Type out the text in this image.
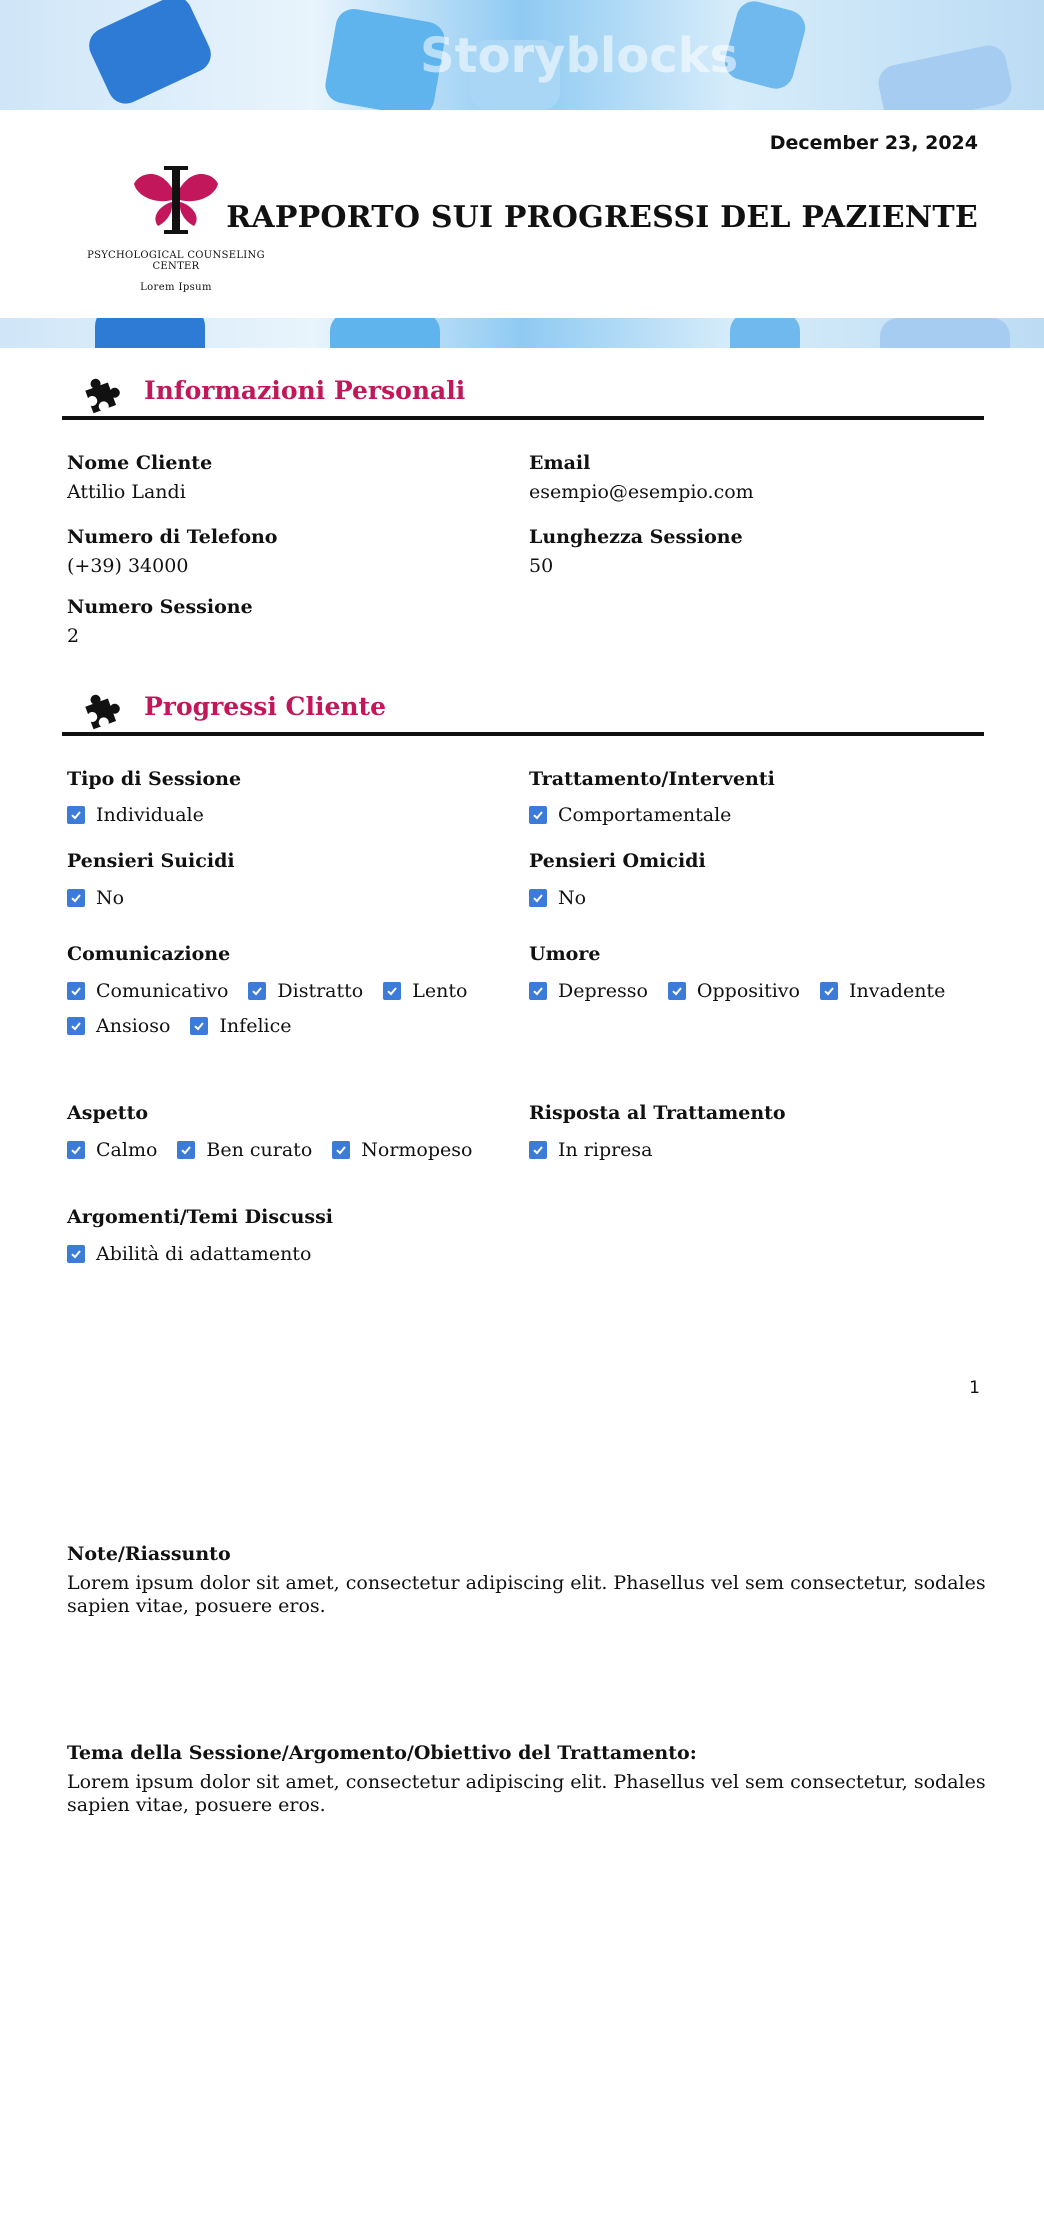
Storyblocks
December 23, 2024
PSYCHOLOGICAL COUNSELING CENTER
Lorem Ipsum
RAPPORTO SUI PROGRESSI DEL PAZIENTE
Informazioni Personali
Nome Cliente
Attilio Landi
Email
esempio@esempio.com
Numero di Telefono
(+39) 34000
Lunghezza Sessione
50
Numero Sessione
2
Progressi Cliente
Tipo di Sessione
Individuale
Trattamento/Interventi
Comportamentale
Pensieri Suicidi
No
Pensieri Omicidi
No
Comunicazione
Comunicativo	Distratto	Lento
Ansioso	Infelice
Umore
Depresso	Oppositivo	Invadente
Aspetto
Calmo	Ben curato	Normopeso
Risposta al Trattamento
In ripresa
Argomenti/Temi Discussi
Abilità di adattamento
1
Note/Riassunto
Lorem ipsum dolor sit amet, consectetur adipiscing elit. Phasellus vel sem consectetur, sodales sapien vitae, posuere eros.
Tema della Sessione/Argomento/Obiettivo del Trattamento:
Lorem ipsum dolor sit amet, consectetur adipiscing elit. Phasellus vel sem consectetur, sodales sapien vitae, posuere eros.
